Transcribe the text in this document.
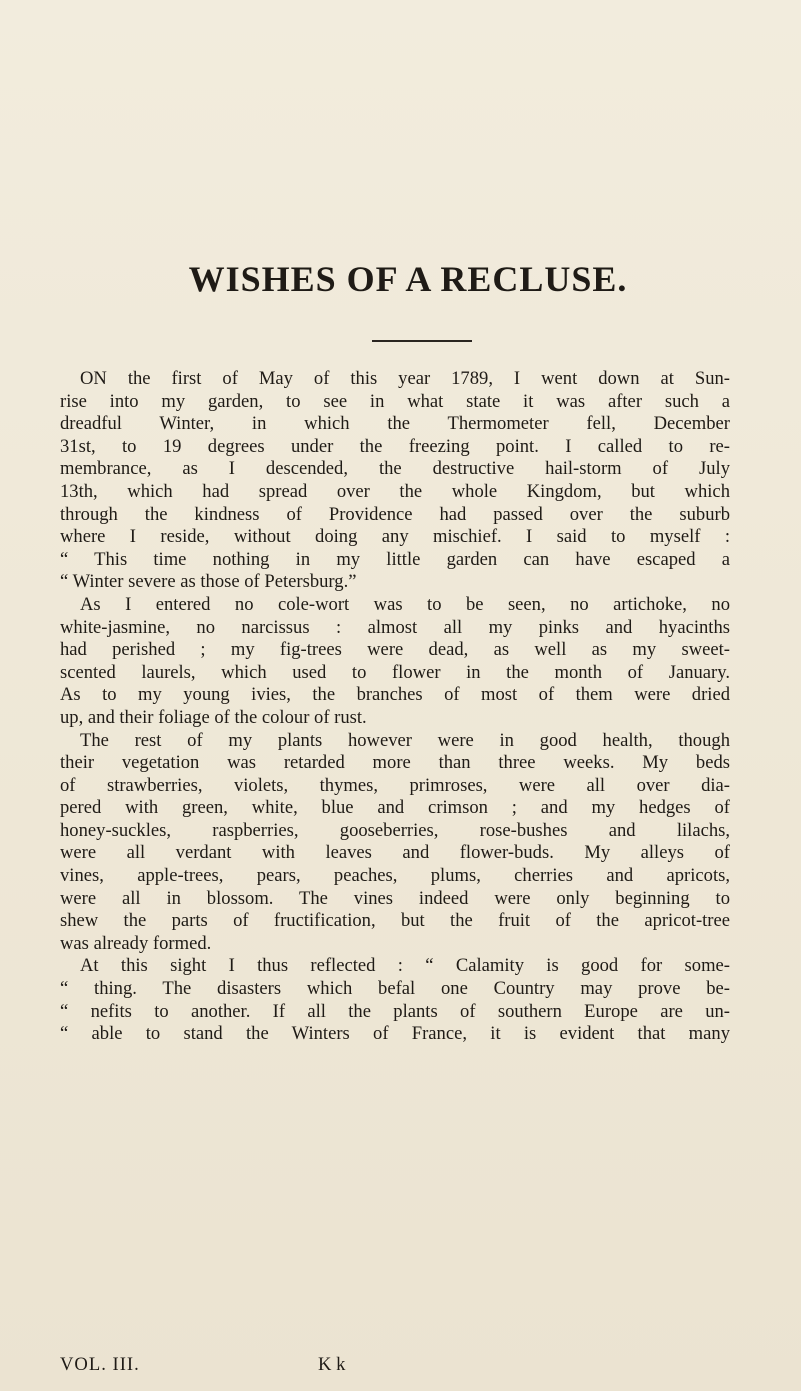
WISHES OF A RECLUSE.
ON the first of May of this year 1789, I went down at Sun-
rise into my garden, to see in what state it was after such a
dreadful Winter, in which the Thermometer fell, December
31st, to 19 degrees under the freezing point. I called to re-
membrance, as I descended, the destructive hail-storm of July
13th, which had spread over the whole Kingdom, but which
through the kindness of Providence had passed over the suburb
where I reside, without doing any mischief. I said to myself :
“ This time nothing in my little garden can have escaped a
“ Winter severe as those of Petersburg.”
As I entered no cole-wort was to be seen, no artichoke, no
white-jasmine, no narcissus : almost all my pinks and hyacinths
had perished ; my fig-trees were dead, as well as my sweet-
scented laurels, which used to flower in the month of January.
As to my young ivies, the branches of most of them were dried
up, and their foliage of the colour of rust.
The rest of my plants however were in good health, though
their vegetation was retarded more than three weeks. My beds
of strawberries, violets, thymes, primroses, were all over dia-
pered with green, white, blue and crimson ; and my hedges of
honey-suckles, raspberries, gooseberries, rose-bushes and lilachs,
were all verdant with leaves and flower-buds. My alleys of
vines, apple-trees, pears, peaches, plums, cherries and apricots,
were all in blossom. The vines indeed were only beginning to
shew the parts of fructification, but the fruit of the apricot-tree
was already formed.
At this sight I thus reflected : “ Calamity is good for some-
“ thing. The disasters which befal one Country may prove be-
“ nefits to another. If all the plants of southern Europe are un-
“ able to stand the Winters of France, it is evident that many
VOL. III.	K k
